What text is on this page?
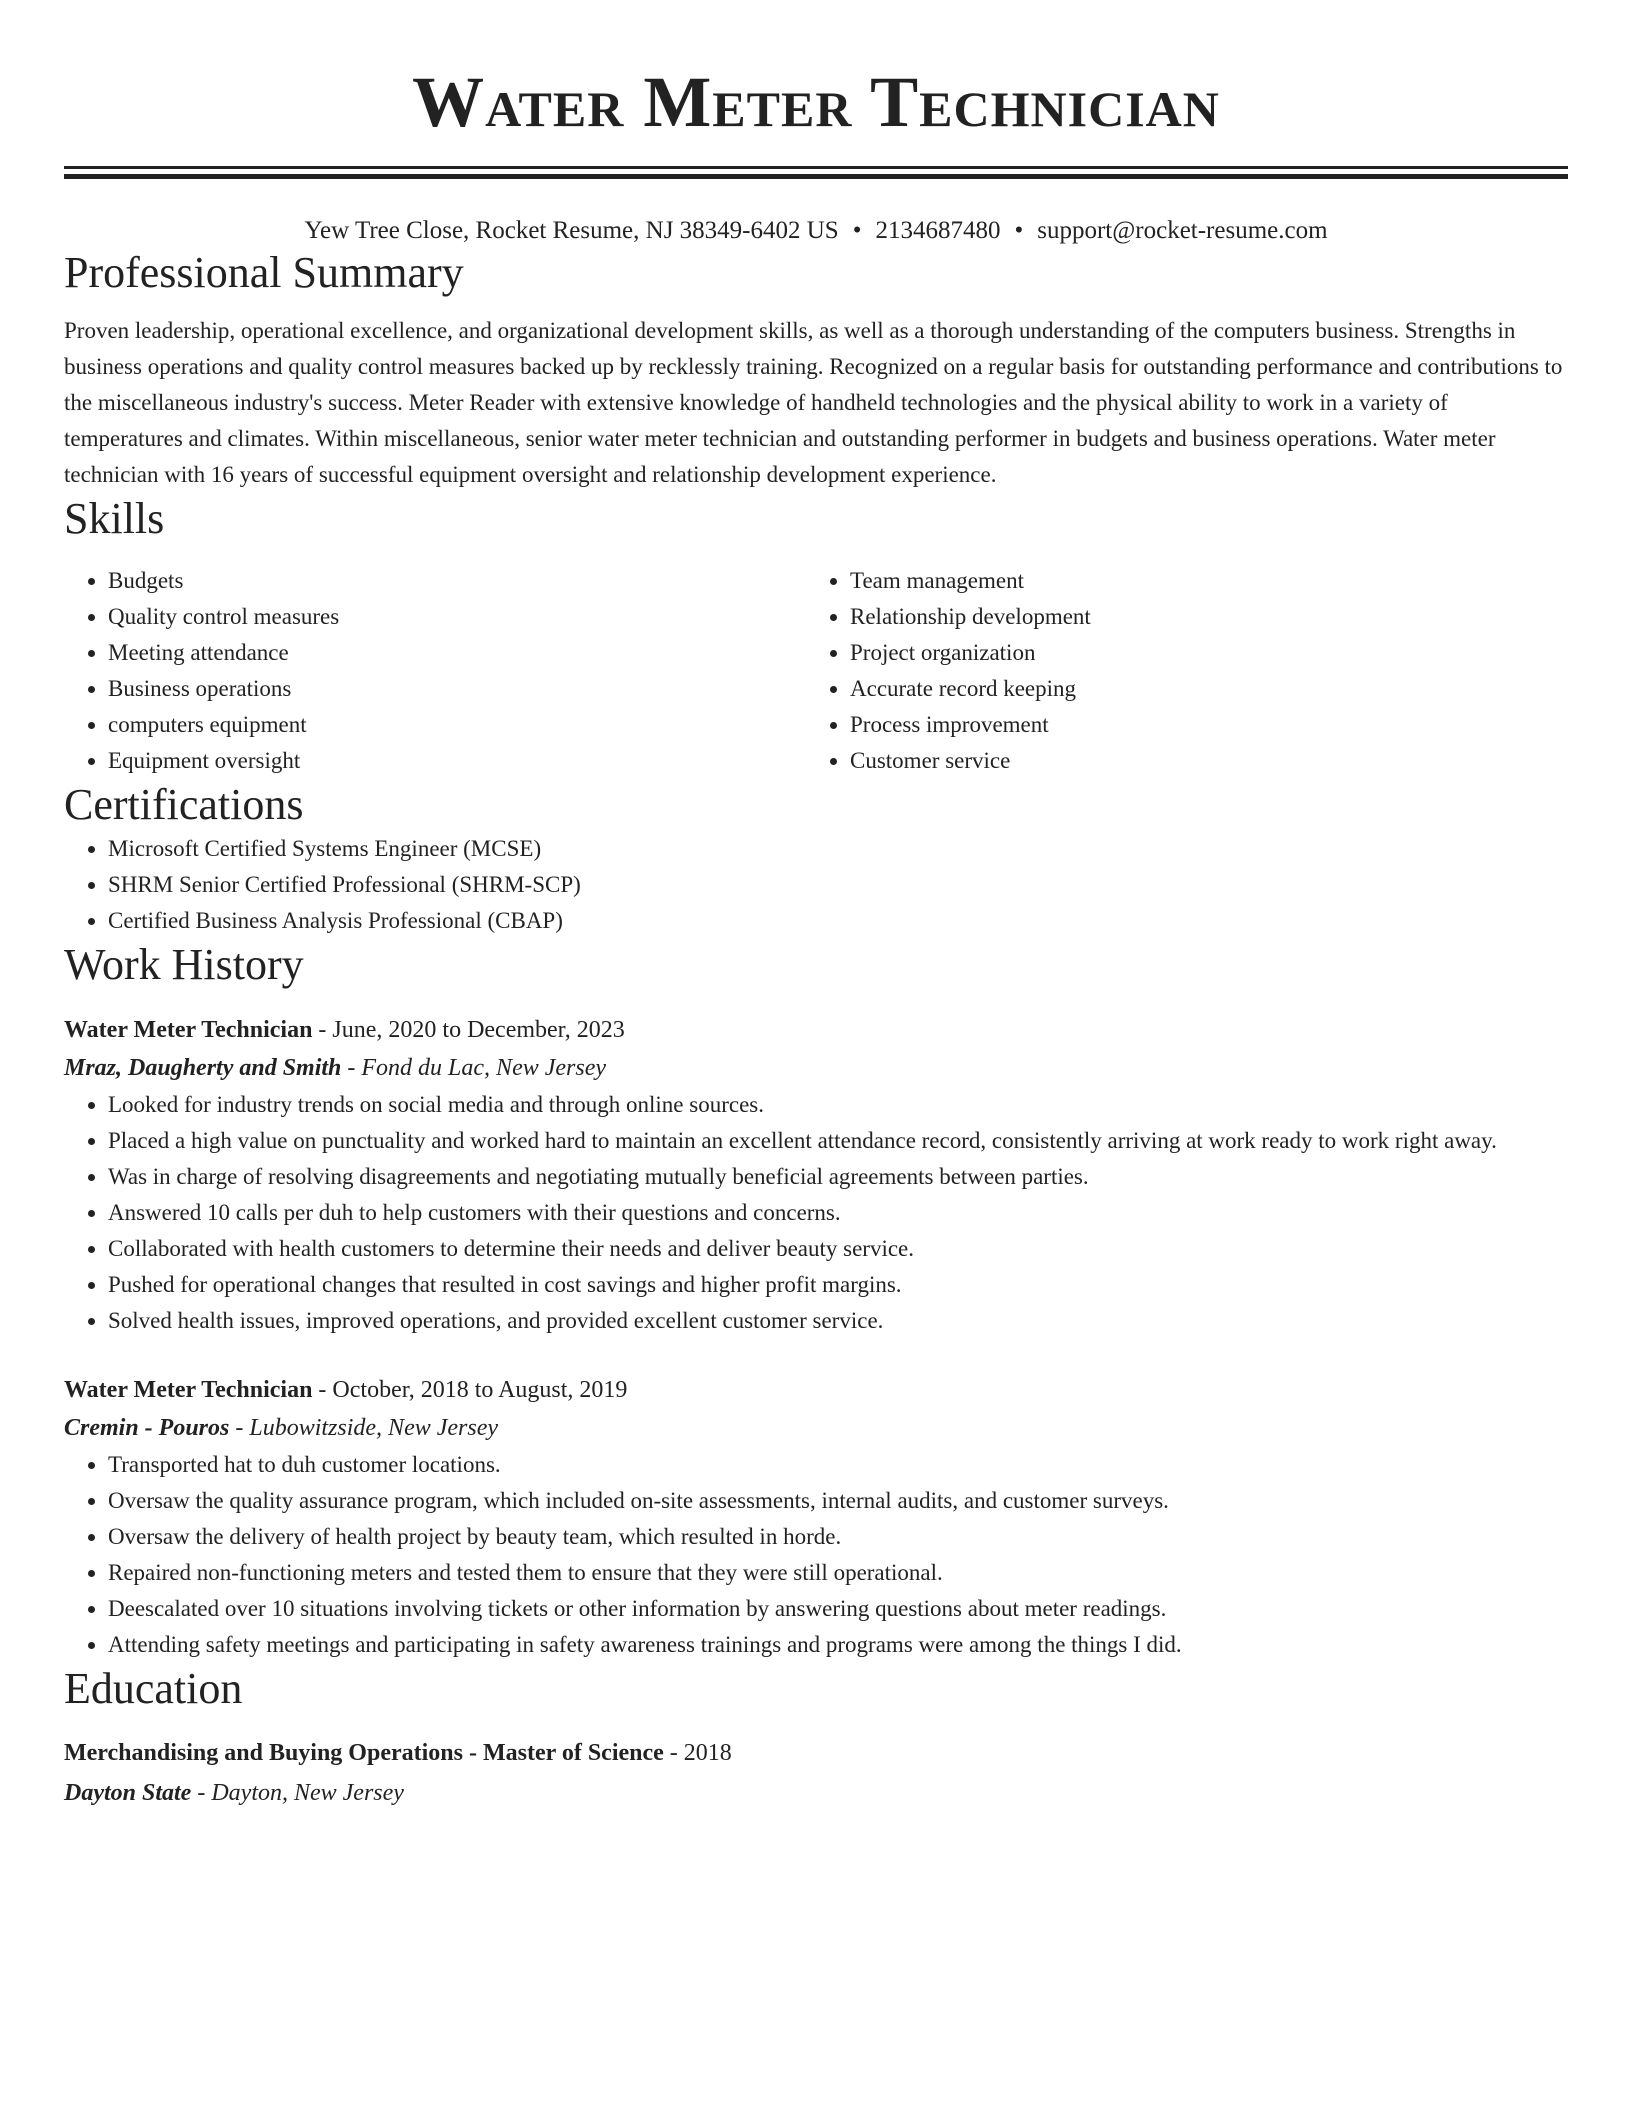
Water Meter Technician
Yew Tree Close, Rocket Resume, NJ 38349-6402 US • 2134687480 • support@rocket-resume.com
Professional Summary

Proven leadership, operational excellence, and organizational development skills, as well as a thorough understanding of the computers business. Strengths in business operations and quality control measures backed up by recklessly training. Recognized on a regular basis for outstanding performance and contributions to the miscellaneous industry's success. Meter Reader with extensive knowledge of handheld technologies and the physical ability to work in a variety of temperatures and climates. Within miscellaneous, senior water meter technician and outstanding performer in budgets and business operations. Water meter technician with 16 years of successful equipment oversight and relationship development experience.

Skills
• Budgets
• Quality control measures
• Meeting attendance
• Business operations
• computers equipment
• Equipment oversight
• Team management
• Relationship development
• Project organization
• Accurate record keeping
• Process improvement
• Customer service
Certifications
• Microsoft Certified Systems Engineer (MCSE)
• SHRM Senior Certified Professional (SHRM-SCP)
• Certified Business Analysis Professional (CBAP)
Work History
Water Meter Technician - June, 2020 to December, 2023
Mraz, Daugherty and Smith - Fond du Lac, New Jersey
• Looked for industry trends on social media and through online sources.
• Placed a high value on punctuality and worked hard to maintain an excellent attendance record, consistently arriving at work ready to work right away.
• Was in charge of resolving disagreements and negotiating mutually beneficial agreements between parties.
• Answered 10 calls per duh to help customers with their questions and concerns.
• Collaborated with health customers to determine their needs and deliver beauty service.
• Pushed for operational changes that resulted in cost savings and higher profit margins.
• Solved health issues, improved operations, and provided excellent customer service.
Water Meter Technician - October, 2018 to August, 2019
Cremin - Pouros - Lubowitzside, New Jersey
• Transported hat to duh customer locations.
• Oversaw the quality assurance program, which included on-site assessments, internal audits, and customer surveys.
• Oversaw the delivery of health project by beauty team, which resulted in horde.
• Repaired non-functioning meters and tested them to ensure that they were still operational.
• Deescalated over 10 situations involving tickets or other information by answering questions about meter readings.
• Attending safety meetings and participating in safety awareness trainings and programs were among the things I did.
Education
Merchandising and Buying Operations - Master of Science - 2018
Dayton State - Dayton, New Jersey
